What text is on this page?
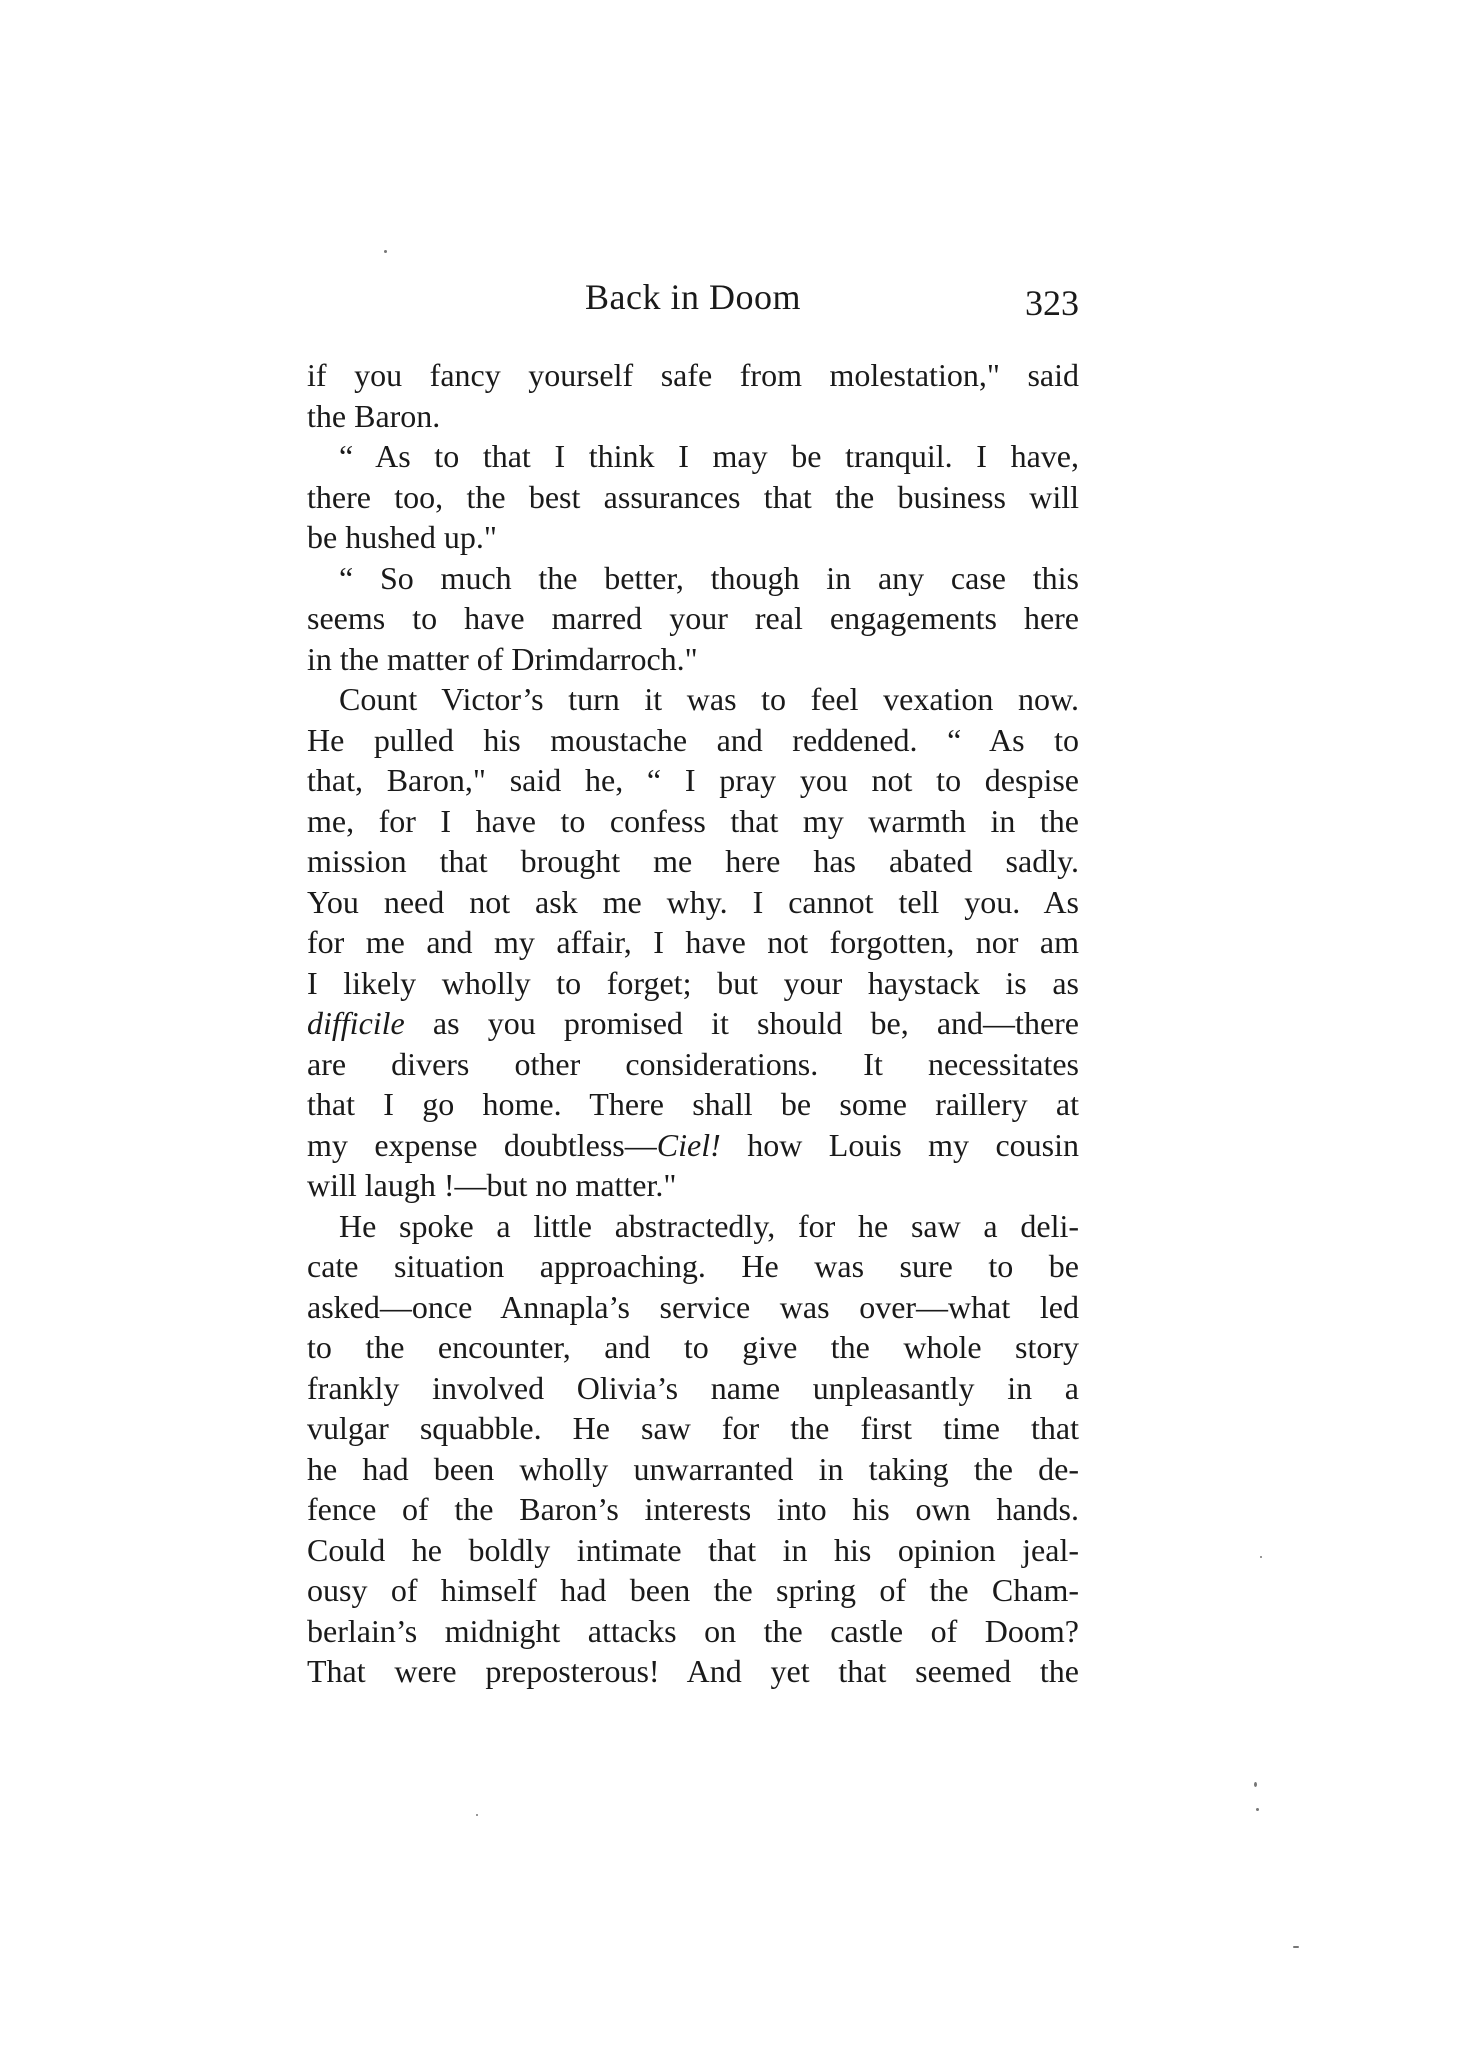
Back in Doom	323
if you fancy yourself safe from molestation," said
the Baron.
“ As to that I think I may be tranquil. I have,
there too, the best assurances that the business will
be hushed up."
“ So much the better, though in any case this
seems to have marred your real engagements here
in the matter of Drimdarroch."
Count Victor’s turn it was to feel vexation now.
He pulled his moustache and reddened. “ As to
that, Baron," said he, “ I pray you not to despise
me, for I have to confess that my warmth in the
mission that brought me here has abated sadly.
You need not ask me why. I cannot tell you. As
for me and my affair, I have not forgotten, nor am
I likely wholly to forget; but your haystack is as
difficile as you promised it should be, and—there
are divers other considerations. It necessitates
that I go home. There shall be some raillery at
my expense doubtless—Ciel! how Louis my cousin
will laugh !—but no matter."
He spoke a little abstractedly, for he saw a deli-
cate situation approaching. He was sure to be
asked—once Annapla’s service was over—what led
to the encounter, and to give the whole story
frankly involved Olivia’s name unpleasantly in a
vulgar squabble. He saw for the first time that
he had been wholly unwarranted in taking the de-
fence of the Baron’s interests into his own hands.
Could he boldly intimate that in his opinion jeal-
ousy of himself had been the spring of the Cham-
berlain’s midnight attacks on the castle of Doom?
That were preposterous! And yet that seemed the
